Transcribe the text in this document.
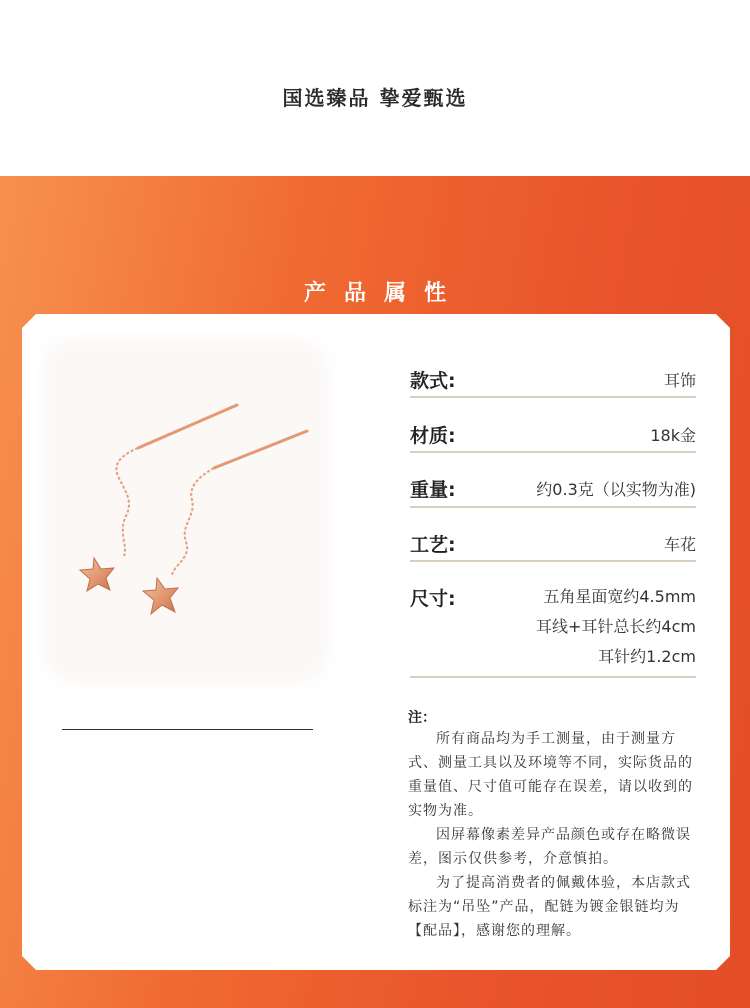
国选臻品 挚爱甄选
产品属性
款式:	耳饰
材质:	18k金
重量:	约0.3克（以实物为准)
工艺:	车花
尺寸:	五角星面宽约4.5mm
耳线+耳针总长约4cm
耳针约1.2cm
注：

所有商品均为手工测量，由于测量方式、测量工具以及环境等不同，实际货品的重量值、尺寸值可能存在误差，请以收到的实物为准。

因屏幕像素差异产品颜色或存在略微误差，图示仅供参考，介意慎拍。

为了提高消费者的佩戴体验，本店款式标注为“吊坠”产品，配链为镀金银链均为【配品】，感谢您的理解。
